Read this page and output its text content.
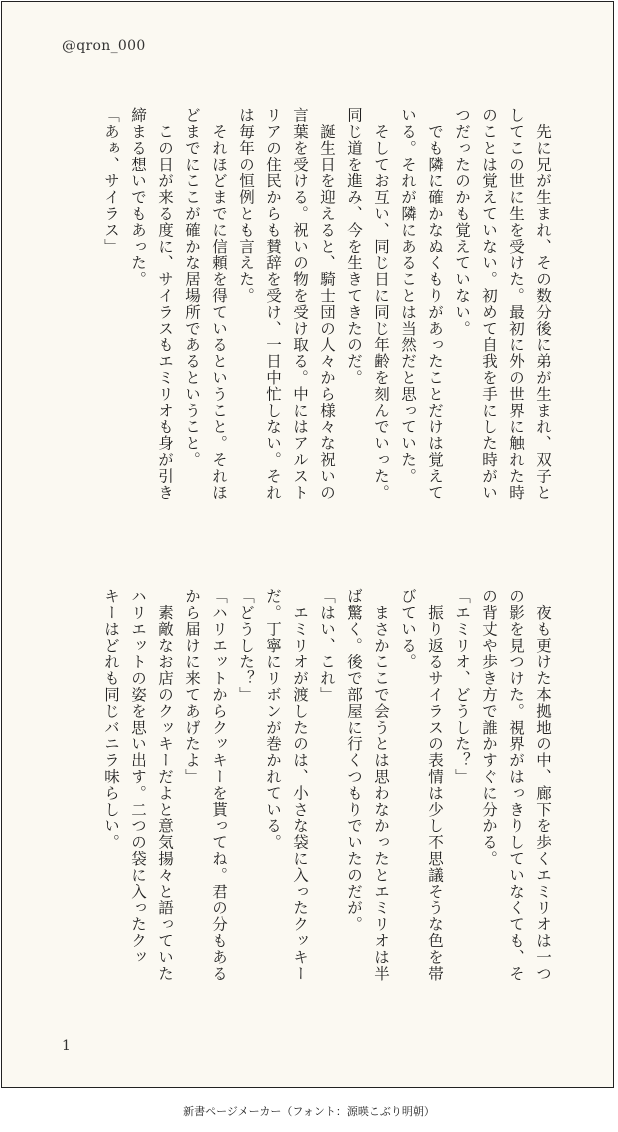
@qron_000
　先に兄が生まれ、その数分後に弟が生まれ、双子と
してこの世に生を受けた。最初に外の世界に触れた時
のことは覚えていない。初めて自我を手にした時がい
つだったのかも覚えていない。
　でも隣に確かなぬくもりがあったことだけは覚えて
いる。それが隣にあることは当然だと思っていた。
　そしてお互い、同じ日に同じ年齢を刻んでいった。
同じ道を進み、今を生きてきたのだ。
　誕生日を迎えると、騎士団の人々から様々な祝いの
言葉を受ける。祝いの物を受け取る。中にはアルスト
リアの住民からも賛辞を受け、一日中忙しない。それ
は毎年の恒例とも言えた。
　それほどまでに信頼を得ているということ。それほ
どまでにここが確かな居場所であるということ。
　この日が来る度に、サイラスもエミリオも身が引き
締まる想いでもあった。
「あぁ、サイラス」
　夜も更けた本拠地の中、廊下を歩くエミリオは一つ
の影を見つけた。視界がはっきりしていなくても、そ
の背丈や歩き方で誰かすぐに分かる。
「エミリオ、どうした？」
　振り返るサイラスの表情は少し不思議そうな色を帯
びている。
　まさかここで会うとは思わなかったとエミリオは半
ば驚く。後で部屋に行くつもりでいたのだが。
「はい、これ」
　エミリオが渡したのは、小さな袋に入ったクッキー
だ。丁寧にリボンが巻かれている。
「どうした？」
「ハリエットからクッキーを貰ってね。君の分もある
から届けに来てあげたよ」
　素敵なお店のクッキーだよと意気揚々と語っていた
ハリエットの姿を思い出す。二つの袋に入ったクッ
キーはどれも同じバニラ味らしい。
1
新書ページメーカー（フォント：源暎こぶり明朝）
